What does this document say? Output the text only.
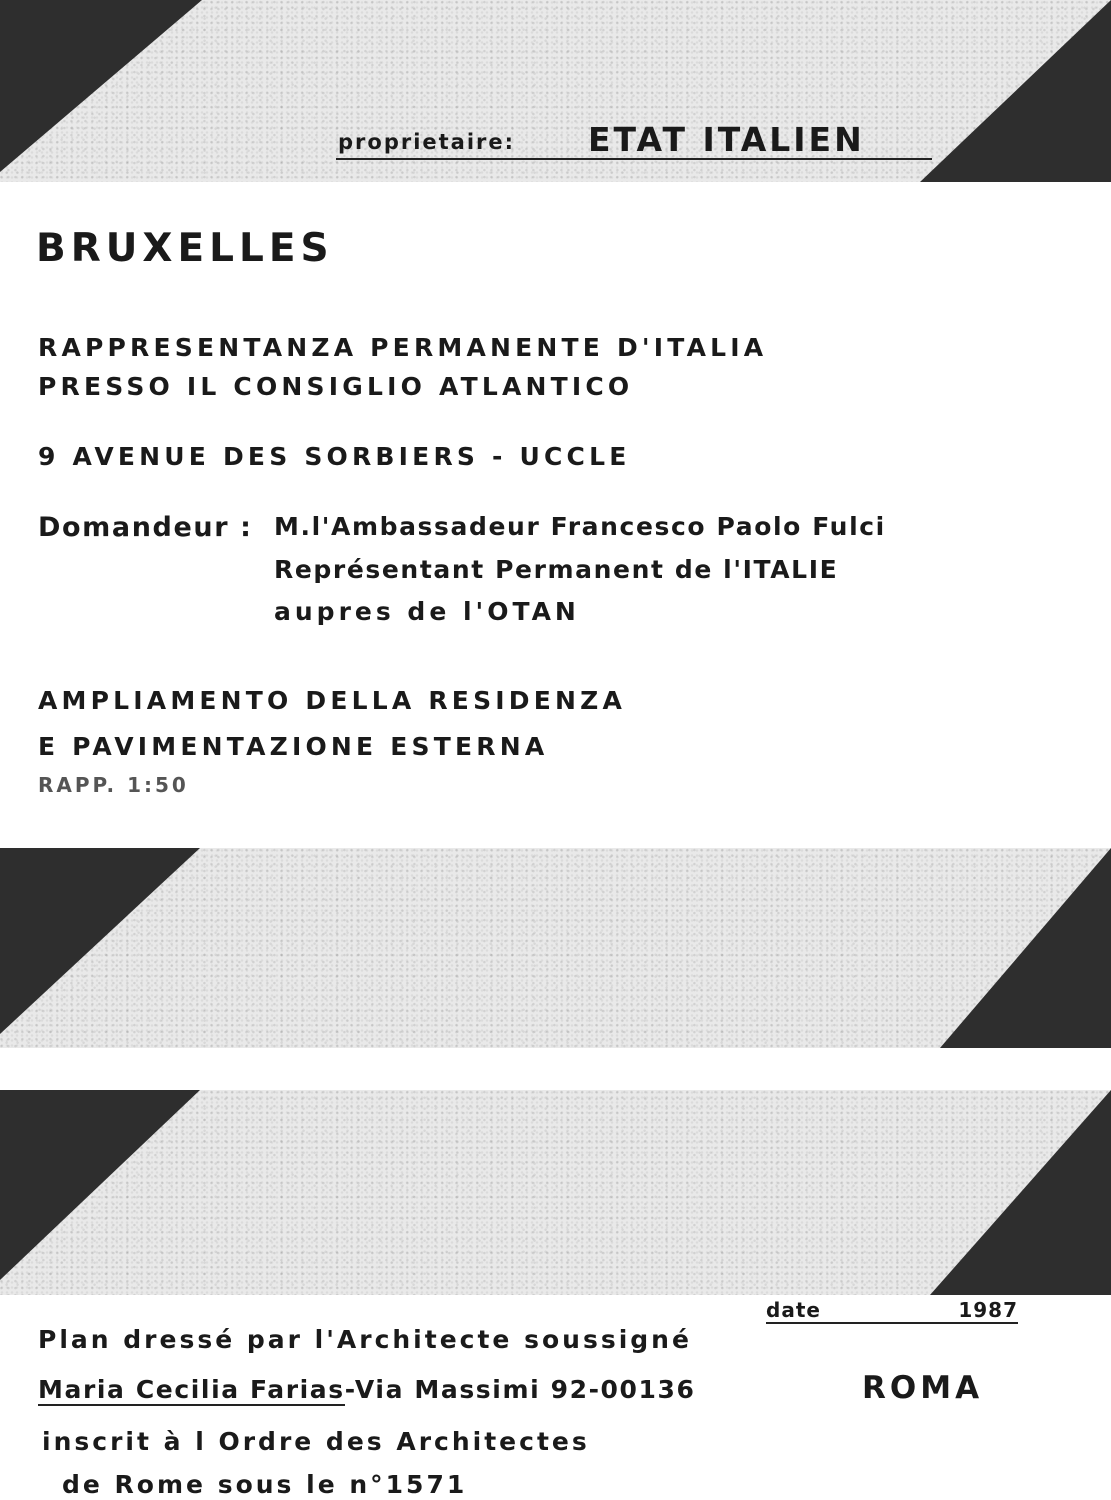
proprietaire: ETAT ITALIEN
BRUXELLES
RAPPRESENTANZA PERMANENTE D'ITALIA
PRESSO IL CONSIGLIO ATLANTICO
9 AVENUE DES SORBIERS - UCCLE
Domandeur : M.l'Ambassadeur Francesco Paolo Fulci
Représentant Permanent de l'ITALIE
aupres de l'OTAN
AMPLIAMENTO DELLA RESIDENZA
E PAVIMENTAZIONE ESTERNA
RAPP. 1:50
date	1987
Plan dressé par l'Architecte soussigné
Maria Cecilia Farias-Via Massimi 92-00136	ROMA
inscrit à l Ordre des Architectes
de Rome sous le n°1571
